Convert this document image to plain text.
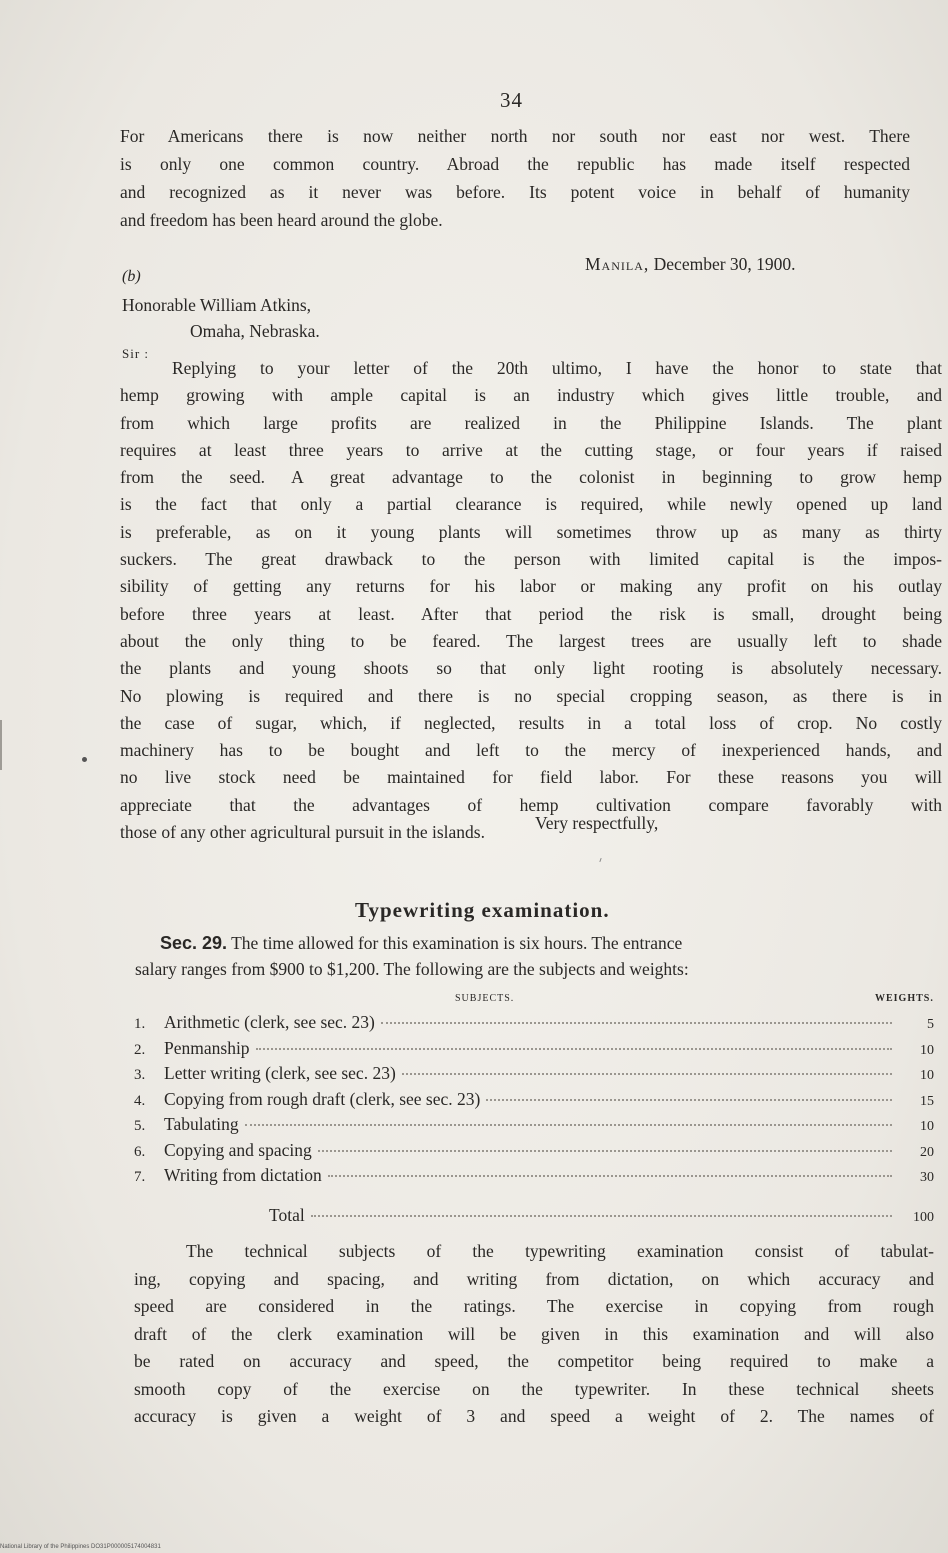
34
For Americans there is now neither north nor south nor east nor west. There
is only one common country. Abroad the republic has made itself respected
and recognized as it never was before. Its potent voice in behalf of humanity
and freedom has been heard around the globe.
Manila, December 30, 1900.
(b)
Honorable William Atkins,
Omaha, Nebraska.
Sir :
Replying to your letter of the 20th ultimo, I have the honor to state that
hemp growing with ample capital is an industry which gives little trouble, and
from which large profits are realized in the Philippine Islands. The plant
requires at least three years to arrive at the cutting stage, or four years if raised
from the seed. A great advantage to the colonist in beginning to grow hemp
is the fact that only a partial clearance is required, while newly opened up land
is preferable, as on it young plants will sometimes throw up as many as thirty
suckers. The great drawback to the person with limited capital is the impos-
sibility of getting any returns for his labor or making any profit on his outlay
before three years at least. After that period the risk is small, drought being
about the only thing to be feared. The largest trees are usually left to shade
the plants and young shoots so that only light rooting is absolutely necessary.
No plowing is required and there is no special cropping season, as there is in
the case of sugar, which, if neglected, results in a total loss of crop. No costly
machinery has to be bought and left to the mercy of inexperienced hands, and
no live stock need be maintained for field labor. For these reasons you will
appreciate that the advantages of hemp cultivation compare favorably with
those of any other agricultural pursuit in the islands.	Very respectfully,
Typewriting examination.
Sec. 29. The time allowed for this examination is six hours. The entrance
salary ranges from $900 to $1,200. The following are the subjects and weights:
SUBJECTS.	WEIGHTS.
1.	Arithmetic (clerk, see sec. 23)	5
2.	Penmanship	10
3.	Letter writing (clerk, see sec. 23)	10
4.	Copying from rough draft (clerk, see sec. 23)	15
5.	Tabulating	10
6.	Copying and spacing	20
7.	Writing from dictation	30
Total	100
The technical subjects of the typewriting examination consist of tabulat-
ing, copying and spacing, and writing from dictation, on which accuracy and
speed are considered in the ratings. The exercise in copying from rough
draft of the clerk examination will be given in this examination and will also
be rated on accuracy and speed, the competitor being required to make a
smooth copy of the exercise on the typewriter. In these technical sheets
accuracy is given a weight of 3 and speed a weight of 2. The names of
National Library of the Philippines DO31P000005174004831
